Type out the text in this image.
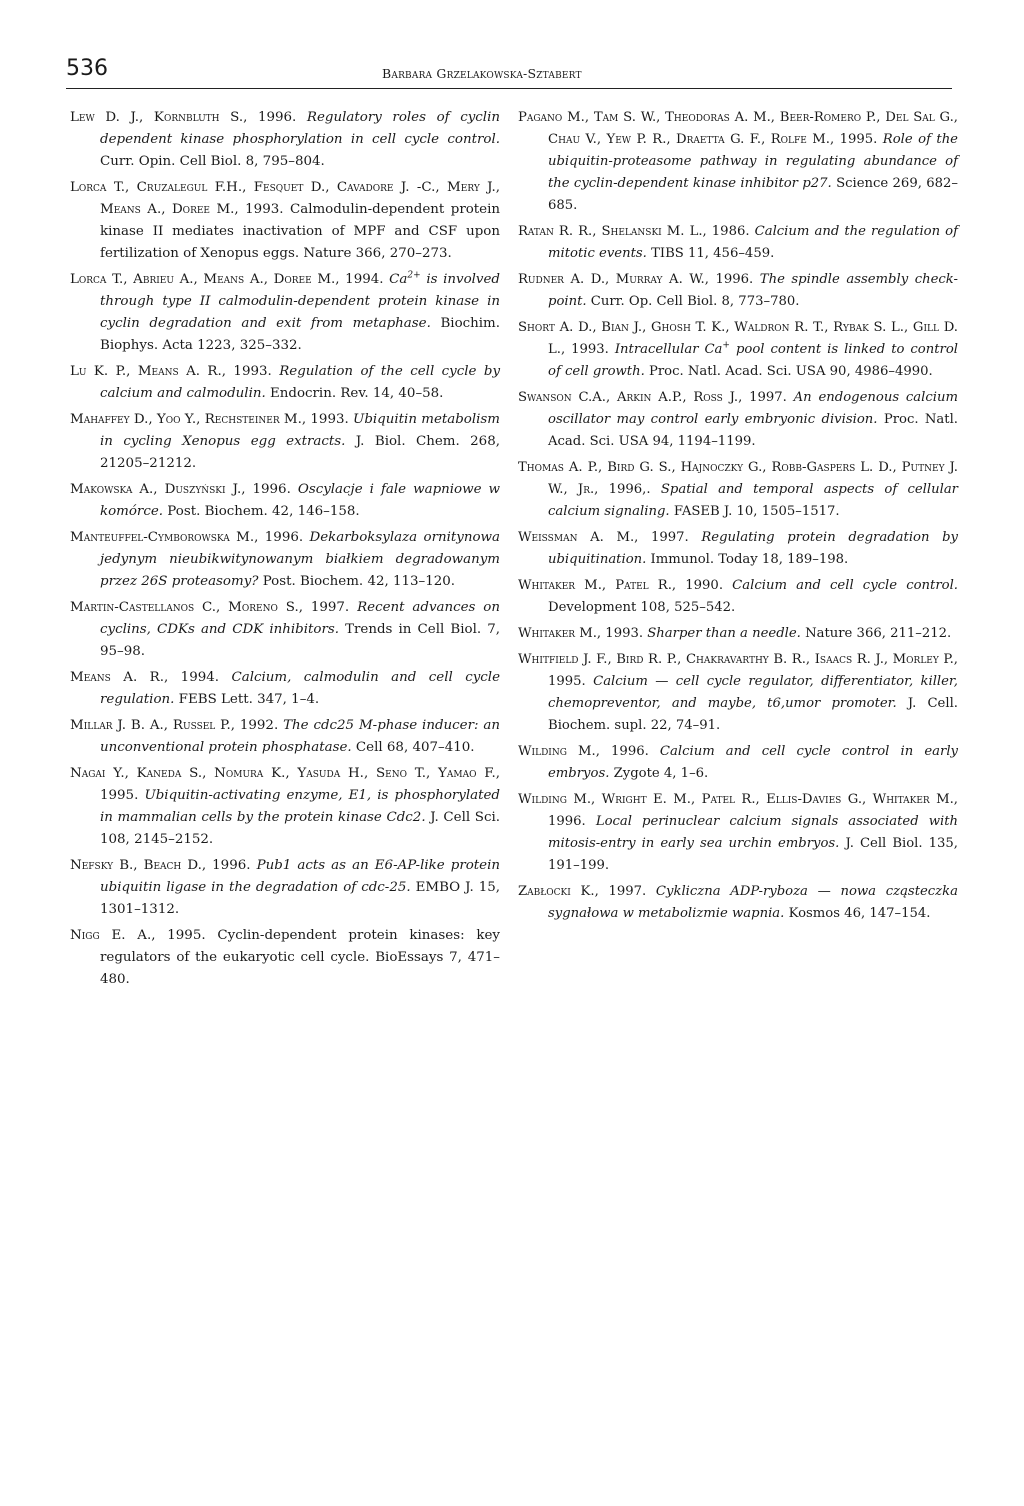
536	Barbara Grzelakowska-Sztabert

Lew D. J., Kornbluth S., 1996. Regulatory roles of cyclin dependent kinase phosphorylation in cell cycle control. Curr. Opin. Cell Biol. 8, 795–804.

Lorca T., Cruzalegul F.H., Fesquet D., Cavadore J. -C., Mery J., Means A., Doree M., 1993. Calmodulin-dependent protein kinase II mediates inactivation of MPF and CSF upon fertilization of Xenopus eggs. Nature 366, 270–273.

Lorca T., Abrieu A., Means A., Doree M., 1994. $Ca^{2+}$ is involved through type II calmodulin-dependent protein kinase in cyclin degradation and exit from metaphase. Biochim. Biophys. Acta 1223, 325–332.

Lu K. P., Means A. R., 1993. Regulation of the cell cycle by calcium and calmodulin. Endocrin. Rev. 14, 40–58.

Mahaffey D., Yoo Y., Rechsteiner M., 1993. Ubiquitin metabolism in cycling Xenopus egg extracts. J. Biol. Chem. 268, 21205–21212.

Makowska A., Duszyński J., 1996. Oscylacje i fale wapniowe w komórce. Post. Biochem. 42, 146–158.

Manteuffel-Cymborowska M., 1996. Dekarboksylaza ornitynowa jedynym nieubikwitynowanym białkiem degradowanym przez 26S proteasomy? Post. Biochem. 42, 113–120.

Martin-Castellanos C., Moreno S., 1997. Recent advances on cyclins, CDKs and CDK inhibitors. Trends in Cell Biol. 7, 95–98.

Means A. R., 1994. Calcium, calmodulin and cell cycle regulation. FEBS Lett. 347, 1–4.

Millar J. B. A., Russel P., 1992. The cdc25 M-phase inducer: an unconventional protein phosphatase. Cell 68, 407–410.

Nagai Y., Kaneda S., Nomura K., Yasuda H., Seno T., Yamao F., 1995. Ubiquitin-activating enzyme, E1, is phosphorylated in mammalian cells by the protein kinase Cdc2. J. Cell Sci. 108, 2145–2152.

Nefsky B., Beach D., 1996. Pub1 acts as an E6-AP-like protein ubiquitin ligase in the degradation of cdc-25. EMBO J. 15, 1301–1312.

Nigg E. A., 1995. Cyclin-dependent protein kinases: key regulators of the eukaryotic cell cycle. BioEssays 7, 471–480.

Pagano M., Tam S. W., Theodoras A. M., Beer-Romero P., Del Sal G., Chau V., Yew P. R., Draetta G. F., Rolfe M., 1995. Role of the ubiquitin-proteasome pathway in regulating abundance of the cyclin-dependent kinase inhibitor p27. Science 269, 682–685.

Ratan R. R., Shelanski M. L., 1986. Calcium and the regulation of mitotic events. TIBS 11, 456–459.

Rudner A. D., Murray A. W., 1996. The spindle assembly check-point. Curr. Op. Cell Biol. 8, 773–780.

Short A. D., Bian J., Ghosh T. K., Waldron R. T., Rybak S. L., Gill D. L., 1993. Intracellular Ca+ pool content is linked to control of cell growth. Proc. Natl. Acad. Sci. USA 90, 4986–4990.

Swanson C.A., Arkin A.P., Ross J., 1997. An endogenous calcium oscillator may control early embryonic division. Proc. Natl. Acad. Sci. USA 94, 1194–1199.

Thomas A. P., Bird G. S., Hajnoczky G., Robb-Gaspers L. D., Putney J. W., Jr., 1996,. Spatial and temporal aspects of cellular calcium signaling. FASEB J. 10, 1505–1517.

Weissman A. M., 1997. Regulating protein degradation by ubiquitination. Immunol. Today 18, 189–198.

Whitaker M., Patel R., 1990. Calcium and cell cycle control. Development 108, 525–542.

Whitaker M., 1993. Sharper than a needle. Nature 366, 211–212.

Whitfield J. F., Bird R. P., Chakravarthy B. R., Isaacs R. J., Morley P., 1995. Calcium — cell cycle regulator, differentiator, killer, chemopreventor, and maybe, t6,umor promoter. J. Cell. Biochem. supl. 22, 74–91.

Wilding M., 1996. Calcium and cell cycle control in early embryos. Zygote 4, 1–6.

Wilding M., Wright E. M., Patel R., Ellis-Davies G., Whitaker M., 1996. Local perinuclear calcium signals associated with mitosis-entry in early sea urchin embryos. J. Cell Biol. 135, 191–199.

Zabłocki K., 1997. Cykliczna ADP-ryboza — nowa cząsteczka sygnałowa w metabolizmie wapnia. Kosmos 46, 147–154.
